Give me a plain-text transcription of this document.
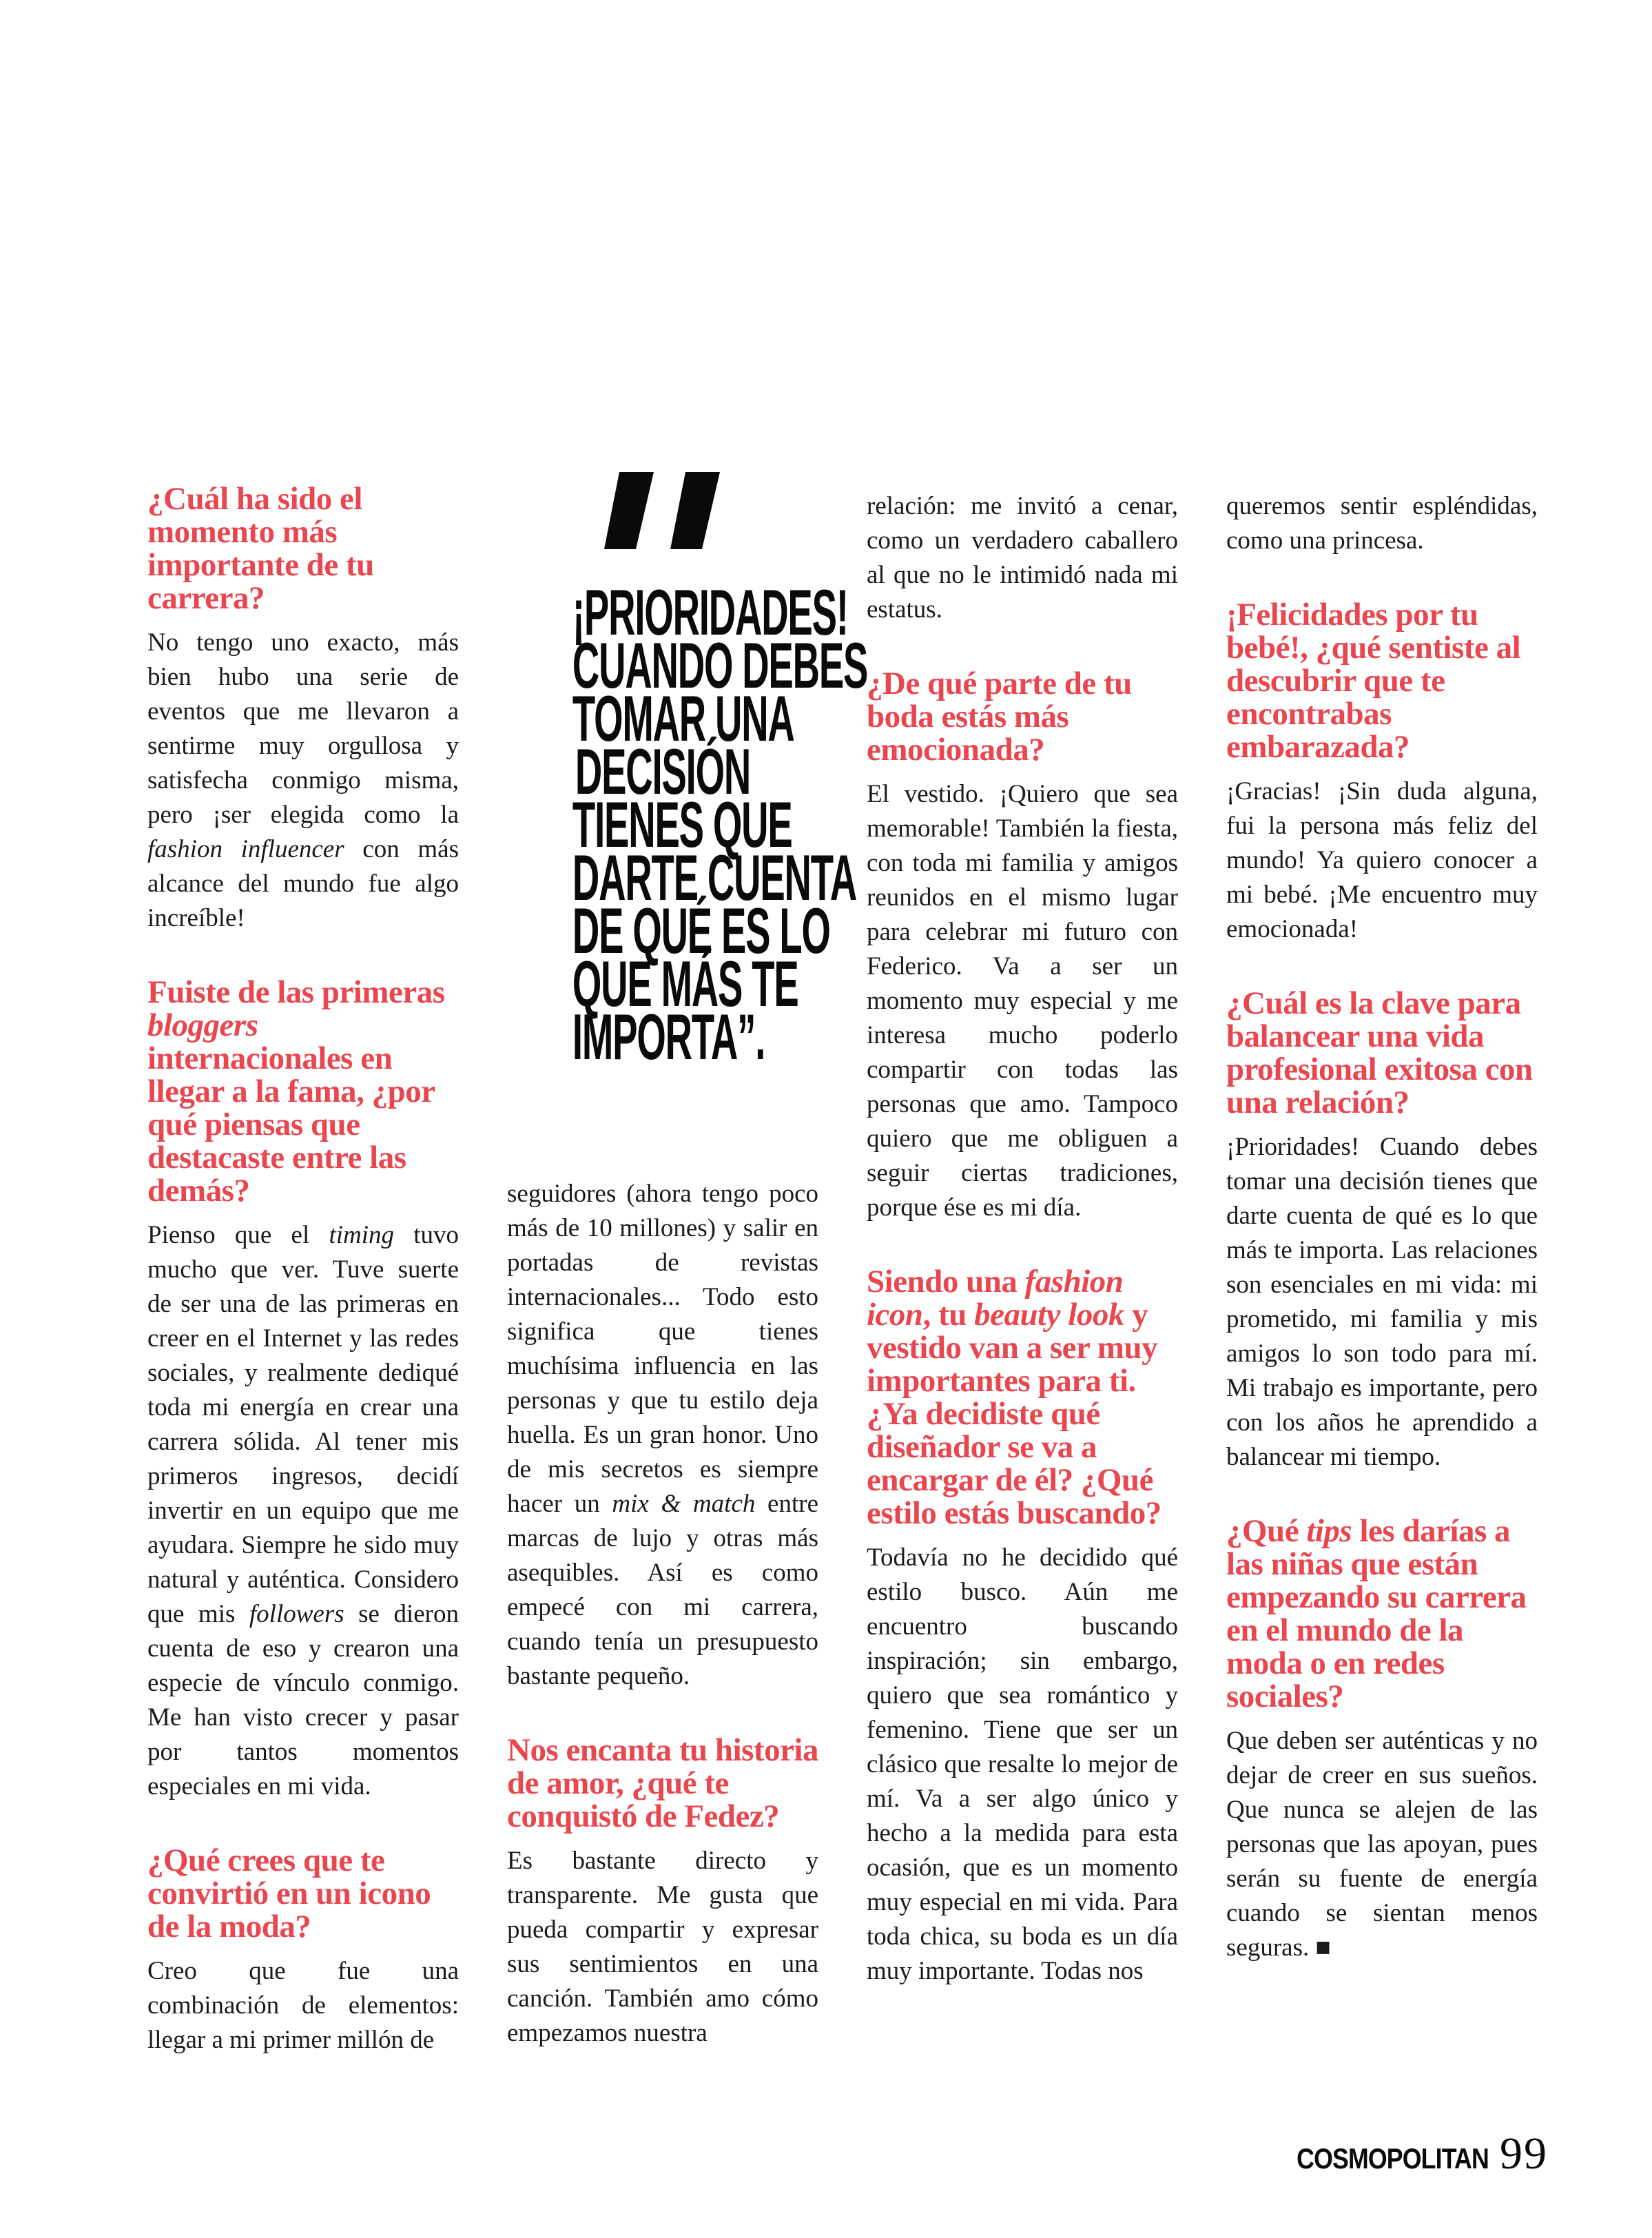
¿Cuál ha sido el momento más importante de tu carrera?

No tengo uno exacto, más bien hubo una serie de eventos que me llevaron a sentirme muy orgullosa y satisfecha conmigo misma, pero ¡ser elegida como la fashion influencer con más alcance del mundo fue algo increíble!

Fuiste de las primeras bloggers internacionales en llegar a la fama, ¿por qué piensas que destacaste entre las demás?

Pienso que el timing tuvo mucho que ver. Tuve suerte de ser una de las primeras en creer en el Internet y las redes sociales, y realmente dediqué toda mi energía en crear una carrera sólida. Al tener mis primeros ingresos, decidí invertir en un equipo que me ayudara. Siempre he sido muy natural y auténtica. Considero que mis followers se dieron cuenta de eso y crearon una especie de vínculo conmigo. Me han visto crecer y pasar por tantos momentos especiales en mi vida.

¿Qué crees que te convirtió en un icono de la moda?

Creo que fue una combinación de elementos: llegar a mi primer millón de

¡PRIORIDADES!
CUANDO DEBES
TOMAR UNA
DECISIÓN
TIENES QUE
DARTE CUENTA
DE QUÉ ES LO
QUE MÁS TE
IMPORTA”.

seguidores (ahora tengo poco más de 10 millones) y salir en portadas de revistas internacionales... Todo esto significa que tienes muchísima influencia en las personas y que tu estilo deja huella. Es un gran honor. Uno de mis secretos es siempre hacer un mix & match entre marcas de lujo y otras más asequibles. Así es como empecé con mi carrera, cuando tenía un presupuesto bastante pequeño.

Nos encanta tu historia de amor, ¿qué te conquistó de Fedez?

Es bastante directo y transparente. Me gusta que pueda compartir y expresar sus sentimientos en una canción. También amo cómo empezamos nuestra

relación: me invitó a cenar, como un verdadero caballero al que no le intimidó nada mi estatus.

¿De qué parte de tu boda estás más emocionada?

El vestido. ¡Quiero que sea memorable! También la fiesta, con toda mi familia y amigos reunidos en el mismo lugar para celebrar mi futuro con Federico. Va a ser un momento muy especial y me interesa mucho poderlo compartir con todas las personas que amo. Tampoco quiero que me obliguen a seguir ciertas tradiciones, porque ése es mi día.

Siendo una fashion icon, tu beauty look y vestido van a ser muy importantes para ti. ¿Ya decidiste qué diseñador se va a encargar de él? ¿Qué estilo estás buscando?

Todavía no he decidido qué estilo busco. Aún me encuentro buscando inspiración; sin embargo, quiero que sea romántico y femenino. Tiene que ser un clásico que resalte lo mejor de mí. Va a ser algo único y hecho a la medida para esta ocasión, que es un momento muy especial en mi vida. Para toda chica, su boda es un día muy importante. Todas nos

queremos sentir espléndidas, como una princesa.

¡Felicidades por tu bebé!, ¿qué sentiste al descubrir que te encontrabas embarazada?

¡Gracias! ¡Sin duda alguna, fui la persona más feliz del mundo! Ya quiero conocer a mi bebé. ¡Me encuentro muy emocionada!

¿Cuál es la clave para balancear una vida profesional exitosa con una relación?

¡Prioridades! Cuando debes tomar una decisión tienes que darte cuenta de qué es lo que más te importa. Las relaciones son esenciales en mi vida: mi prometido, mi familia y mis amigos lo son todo para mí. Mi trabajo es importante, pero con los años he aprendido a balancear mi tiempo.

¿Qué tips les darías a las niñas que están empezando su carrera en el mundo de la moda o en redes sociales?

Que deben ser auténticas y no dejar de creer en sus sueños. Que nunca se alejen de las personas que las apoyan, pues serán su fuente de energía cuando se sientan menos seguras. ■

COSMOPOLITAN 99
